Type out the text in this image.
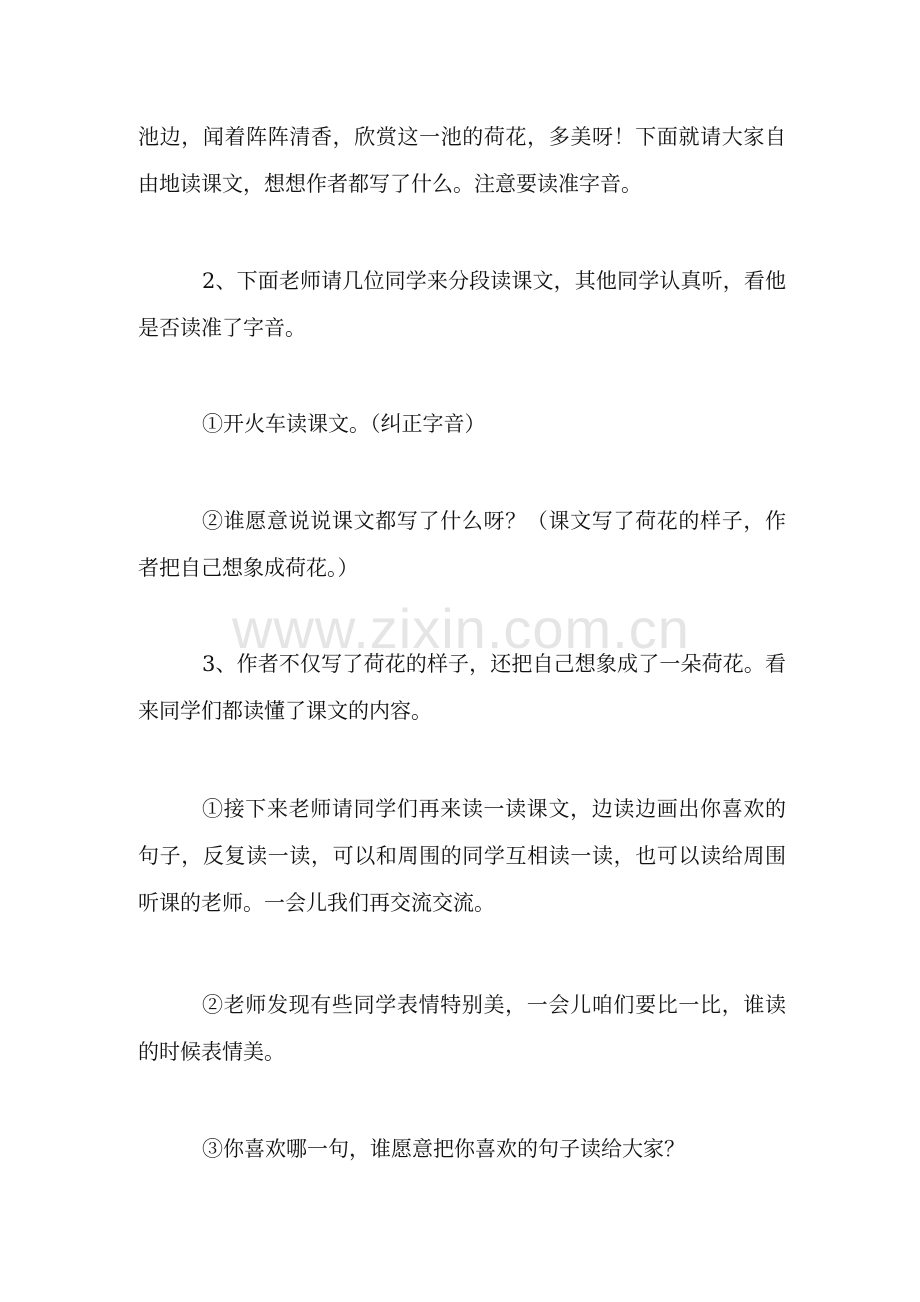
池边，闻着阵阵清香，欣赏这一池的荷花，多美呀！下面就请大家自由地读课文，想想作者都写了什么。注意要读准字音。

2、下面老师请几位同学来分段读课文，其他同学认真听，看他是否读准了字音。

①开火车读课文。（纠正字音）

②谁愿意说说课文都写了什么呀？（课文写了荷花的样子，作者把自己想象成荷花。）

3、作者不仅写了荷花的样子，还把自己想象成了一朵荷花。看来同学们都读懂了课文的内容。

①接下来老师请同学们再来读一读课文，边读边画出你喜欢的句子，反复读一读，可以和周围的同学互相读一读，也可以读给周围听课的老师。一会儿我们再交流交流。

②老师发现有些同学表情特别美，一会儿咱们要比一比，谁读的时候表情美。

③你喜欢哪一句，谁愿意把你喜欢的句子读给大家？

www.zixin.com.cn
